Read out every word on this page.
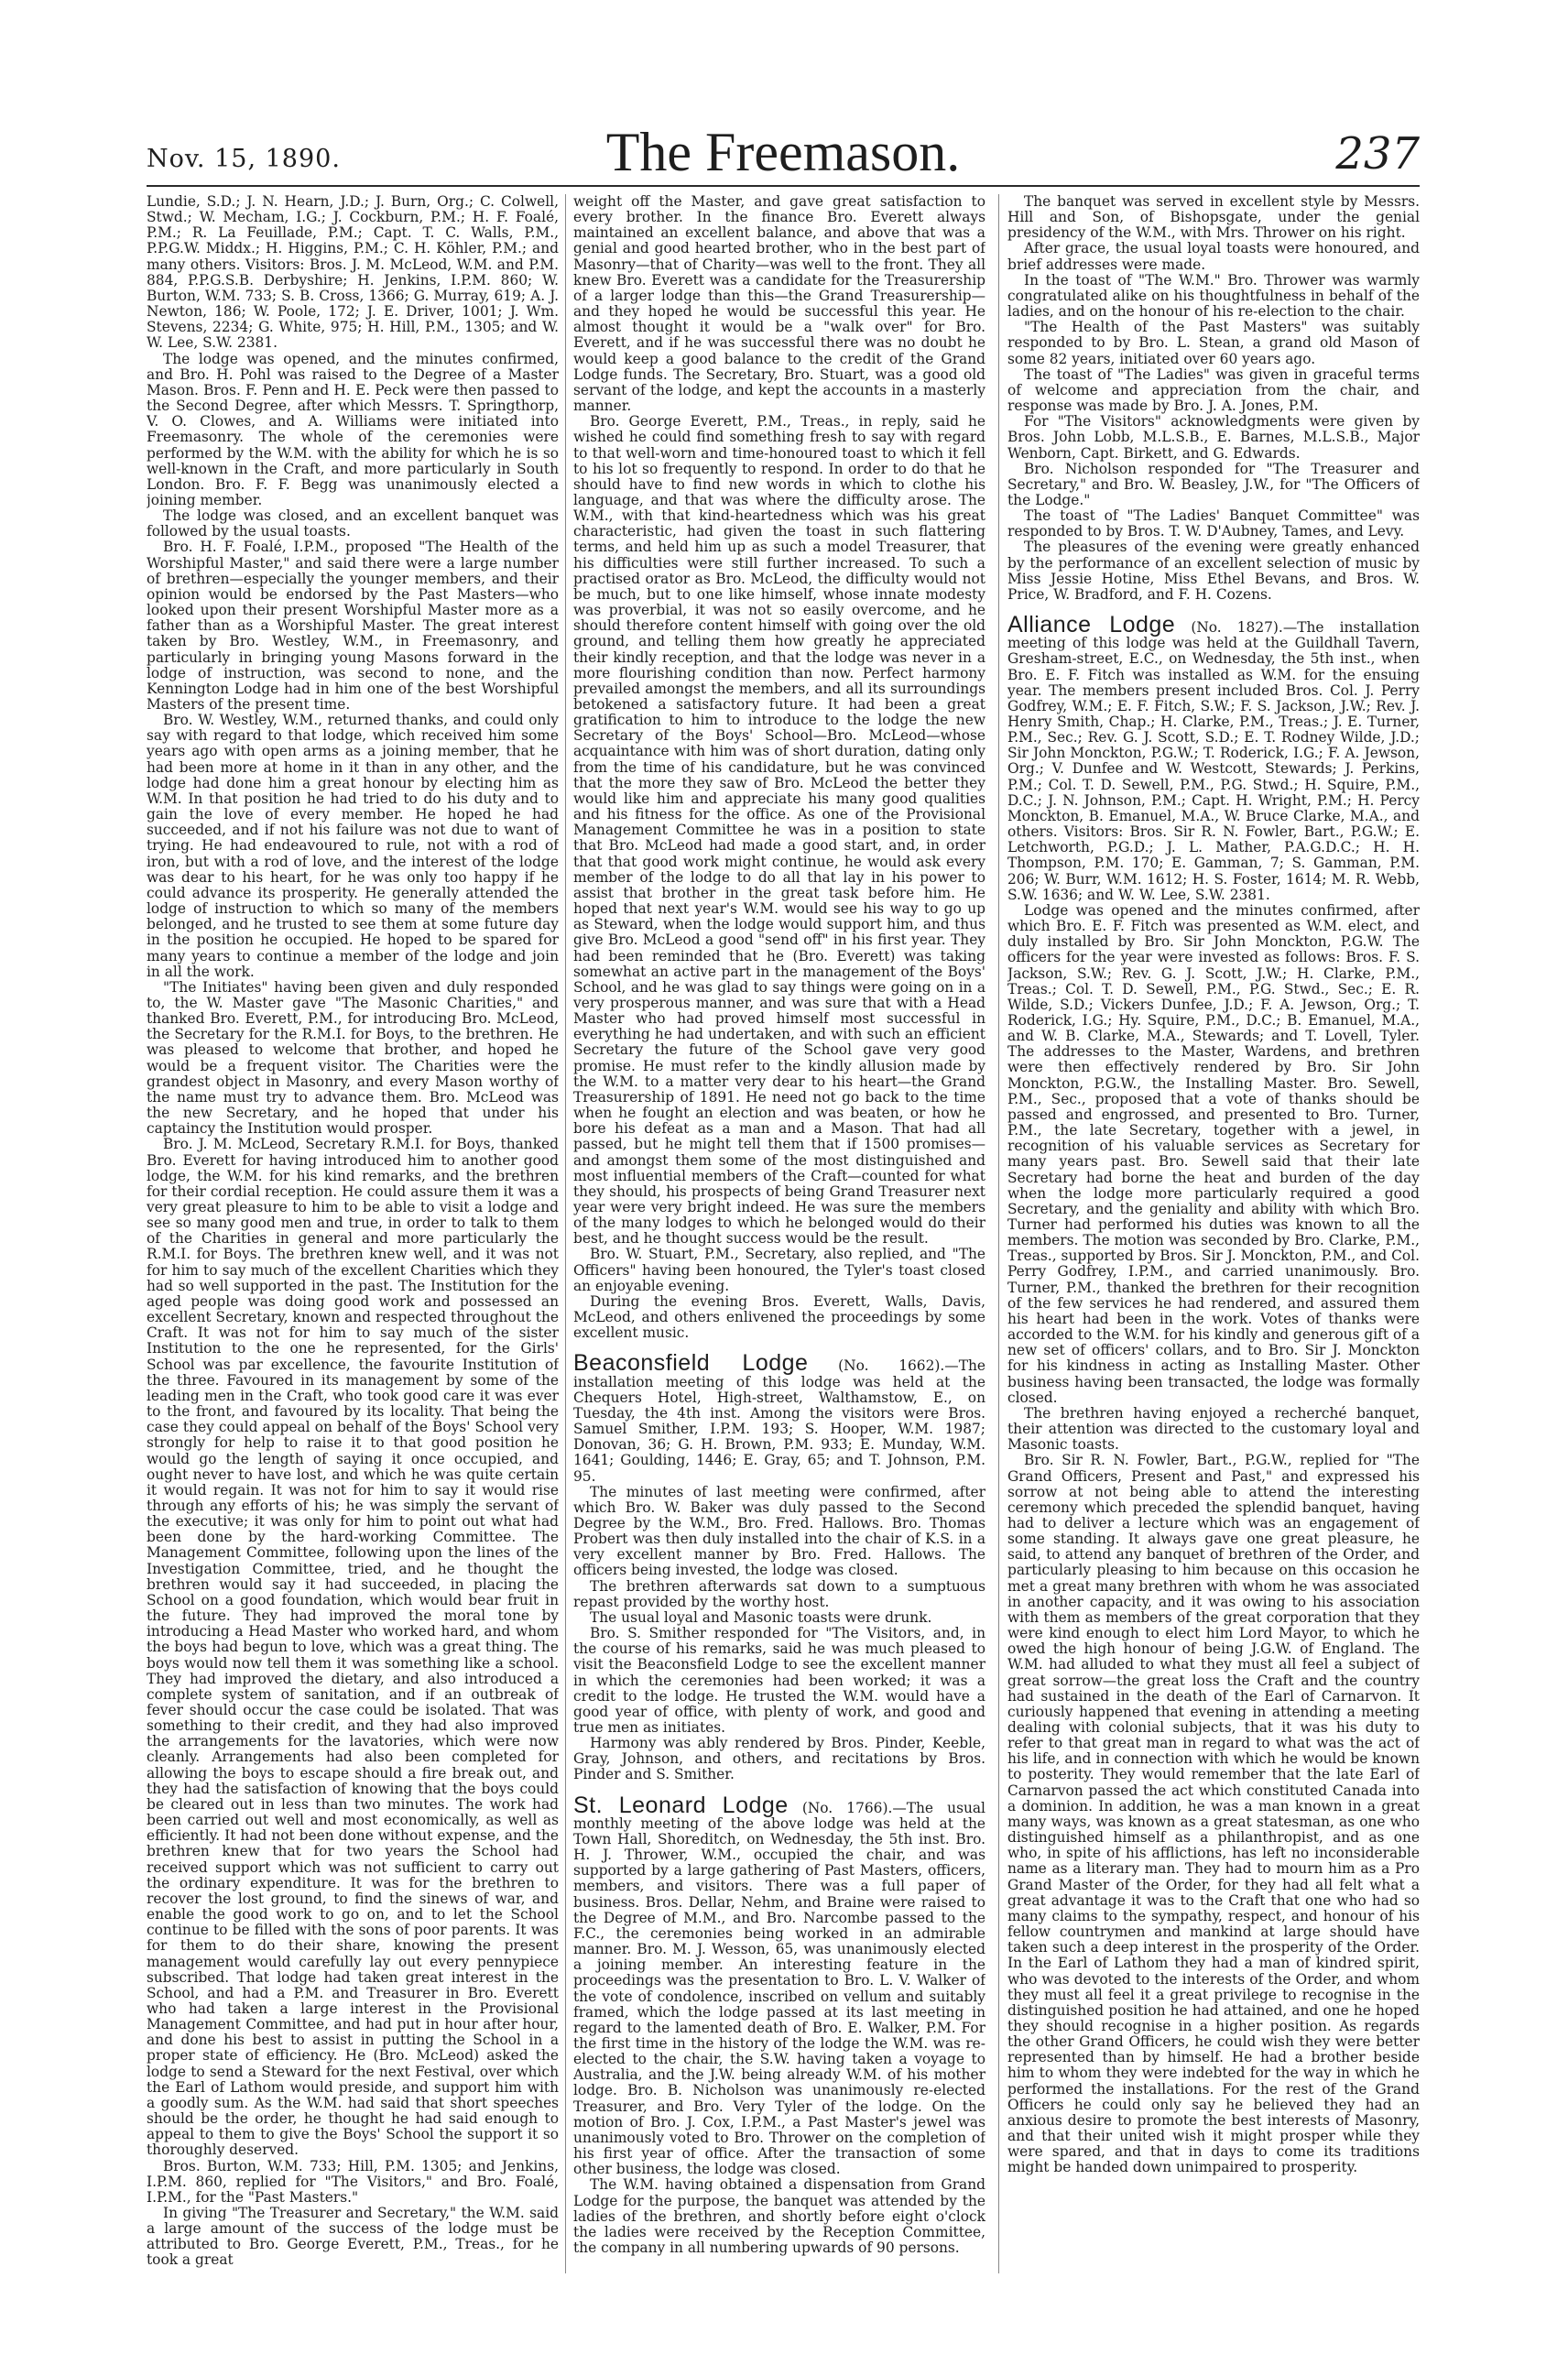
Nov. 15, 1890.	The Freemason.	237

Lundie, S.D.; J. N. Hearn, J.D.; J. Burn, Org.; C. Colwell, Stwd.; W. Mecham, I.G.; J. Cockburn, P.M.; H. F. Foalé, P.M.; R. La Feuillade, P.M.; Capt. T. C. Walls, P.M., P.P.G.W. Middx.; H. Higgins, P.M.; C. H. Köhler, P.M.; and many others. Visitors: Bros. J. M. McLeod, W.M. and P.M. 884, P.P.G.S.B. Derbyshire; H. Jenkins, I.P.M. 860; W. Burton, W.M. 733; S. B. Cross, 1366; G. Murray, 619; A. J. Newton, 186; W. Poole, 172; J. E. Driver, 1001; J. Wm. Stevens, 2234; G. White, 975; H. Hill, P.M., 1305; and W. W. Lee, S.W. 2381.

The lodge was opened, and the minutes confirmed, and Bro. H. Pohl was raised to the Degree of a Master Mason. Bros. F. Penn and H. E. Peck were then passed to the Second Degree, after which Messrs. T. Springthorp, V. O. Clowes, and A. Williams were initiated into Freemasonry. The whole of the ceremonies were performed by the W.M. with the ability for which he is so well-known in the Craft, and more particularly in South London. Bro. F. F. Begg was unanimously elected a joining member.

The lodge was closed, and an excellent banquet was followed by the usual toasts.

Bro. H. F. Foalé, I.P.M., proposed "The Health of the Worshipful Master," and said there were a large number of brethren—especially the younger members, and their opinion would be endorsed by the Past Masters—who looked upon their present Worshipful Master more as a father than as a Worshipful Master. The great interest taken by Bro. Westley, W.M., in Freemasonry, and particularly in bringing young Masons forward in the lodge of instruction, was second to none, and the Kennington Lodge had in him one of the best Worshipful Masters of the present time.

Bro. W. Westley, W.M., returned thanks, and could only say with regard to that lodge, which received him some years ago with open arms as a joining member, that he had been more at home in it than in any other, and the lodge had done him a great honour by electing him as W.M. In that position he had tried to do his duty and to gain the love of every member. He hoped he had succeeded, and if not his failure was not due to want of trying. He had endeavoured to rule, not with a rod of iron, but with a rod of love, and the interest of the lodge was dear to his heart, for he was only too happy if he could advance its prosperity. He generally attended the lodge of instruction to which so many of the members belonged, and he trusted to see them at some future day in the position he occupied. He hoped to be spared for many years to continue a member of the lodge and join in all the work.

"The Initiates" having been given and duly responded to, the W. Master gave "The Masonic Charities," and thanked Bro. Everett, P.M., for introducing Bro. McLeod, the Secretary for the R.M.I. for Boys, to the brethren. He was pleased to welcome that brother, and hoped he would be a frequent visitor. The Charities were the grandest object in Masonry, and every Mason worthy of the name must try to advance them. Bro. McLeod was the new Secretary, and he hoped that under his captaincy the Institution would prosper.

Bro. J. M. McLeod, Secretary R.M.I. for Boys, thanked Bro. Everett for having introduced him to another good lodge, the W.M. for his kind remarks, and the brethren for their cordial reception. He could assure them it was a very great pleasure to him to be able to visit a lodge and see so many good men and true, in order to talk to them of the Charities in general and more particularly the R.M.I. for Boys. The brethren knew well, and it was not for him to say much of the excellent Charities which they had so well supported in the past. The Institution for the aged people was doing good work and possessed an excellent Secretary, known and respected throughout the Craft. It was not for him to say much of the sister Institution to the one he represented, for the Girls' School was par excellence, the favourite Institution of the three. Favoured in its management by some of the leading men in the Craft, who took good care it was ever to the front, and favoured by its locality. That being the case they could appeal on behalf of the Boys' School very strongly for help to raise it to that good position he would go the length of saying it once occupied, and ought never to have lost, and which he was quite certain it would regain. It was not for him to say it would rise through any efforts of his; he was simply the servant of the executive; it was only for him to point out what had been done by the hard-working Committee. The Management Committee, following upon the lines of the Investigation Committee, tried, and he thought the brethren would say it had succeeded, in placing the School on a good foundation, which would bear fruit in the future. They had improved the moral tone by introducing a Head Master who worked hard, and whom the boys had begun to love, which was a great thing. The boys would now tell them it was something like a school. They had improved the dietary, and also introduced a complete system of sanitation, and if an outbreak of fever should occur the case could be isolated. That was something to their credit, and they had also improved the arrangements for the lavatories, which were now cleanly. Arrangements had also been completed for allowing the boys to escape should a fire break out, and they had the satisfaction of knowing that the boys could be cleared out in less than two minutes. The work had been carried out well and most economically, as well as efficiently. It had not been done without expense, and the brethren knew that for two years the School had received support which was not sufficient to carry out the ordinary expenditure. It was for the brethren to recover the lost ground, to find the sinews of war, and enable the good work to go on, and to let the School continue to be filled with the sons of poor parents. It was for them to do their share, knowing the present management would carefully lay out every pennypiece subscribed. That lodge had taken great interest in the School, and had a P.M. and Treasurer in Bro. Everett who had taken a large interest in the Provisional Management Committee, and had put in hour after hour, and done his best to assist in putting the School in a proper state of efficiency. He (Bro. McLeod) asked the lodge to send a Steward for the next Festival, over which the Earl of Lathom would preside, and support him with a goodly sum. As the W.M. had said that short speeches should be the order, he thought he had said enough to appeal to them to give the Boys' School the support it so thoroughly deserved.

Bros. Burton, W.M. 733; Hill, P.M. 1305; and Jenkins, I.P.M. 860, replied for "The Visitors," and Bro. Foalé, I.P.M., for the "Past Masters."

In giving "The Treasurer and Secretary," the W.M. said a large amount of the success of the lodge must be attributed to Bro. George Everett, P.M., Treas., for he took a great

weight off the Master, and gave great satisfaction to every brother. In the finance Bro. Everett always maintained an excellent balance, and above that was a genial and good hearted brother, who in the best part of Masonry—that of Charity—was well to the front. They all knew Bro. Everett was a candidate for the Treasurership of a larger lodge than this—the Grand Treasurership—and they hoped he would be successful this year. He almost thought it would be a "walk over" for Bro. Everett, and if he was successful there was no doubt he would keep a good balance to the credit of the Grand Lodge funds. The Secretary, Bro. Stuart, was a good old servant of the lodge, and kept the accounts in a masterly manner.

Bro. George Everett, P.M., Treas., in reply, said he wished he could find something fresh to say with regard to that well-worn and time-honoured toast to which it fell to his lot so frequently to respond. In order to do that he should have to find new words in which to clothe his language, and that was where the difficulty arose. The W.M., with that kind-heartedness which was his great characteristic, had given the toast in such flattering terms, and held him up as such a model Treasurer, that his difficulties were still further increased. To such a practised orator as Bro. McLeod, the difficulty would not be much, but to one like himself, whose innate modesty was proverbial, it was not so easily overcome, and he should therefore content himself with going over the old ground, and telling them how greatly he appreciated their kindly reception, and that the lodge was never in a more flourishing condition than now. Perfect harmony prevailed amongst the members, and all its surroundings betokened a satisfactory future. It had been a great gratification to him to introduce to the lodge the new Secretary of the Boys' School—Bro. McLeod—whose acquaintance with him was of short duration, dating only from the time of his candidature, but he was convinced that the more they saw of Bro. McLeod the better they would like him and appreciate his many good qualities and his fitness for the office. As one of the Provisional Management Committee he was in a position to state that Bro. McLeod had made a good start, and, in order that that good work might continue, he would ask every member of the lodge to do all that lay in his power to assist that brother in the great task before him. He hoped that next year's W.M. would see his way to go up as Steward, when the lodge would support him, and thus give Bro. McLeod a good "send off" in his first year. They had been reminded that he (Bro. Everett) was taking somewhat an active part in the management of the Boys' School, and he was glad to say things were going on in a very prosperous manner, and was sure that with a Head Master who had proved himself most successful in everything he had undertaken, and with such an efficient Secretary the future of the School gave very good promise. He must refer to the kindly allusion made by the W.M. to a matter very dear to his heart—the Grand Treasurership of 1891. He need not go back to the time when he fought an election and was beaten, or how he bore his defeat as a man and a Mason. That had all passed, but he might tell them that if 1500 promises—and amongst them some of the most distinguished and most influential members of the Craft—counted for what they should, his prospects of being Grand Treasurer next year were very bright indeed. He was sure the members of the many lodges to which he belonged would do their best, and he thought success would be the result.

Bro. W. Stuart, P.M., Secretary, also replied, and "The Officers" having been honoured, the Tyler's toast closed an enjoyable evening.

During the evening Bros. Everett, Walls, Davis, McLeod, and others enlivened the proceedings by some excellent music.

Beaconsfield Lodge (No. 1662).—The installation meeting of this lodge was held at the Chequers Hotel, High-street, Walthamstow, E., on Tuesday, the 4th inst. Among the visitors were Bros. Samuel Smither, I.P.M. 193; S. Hooper, W.M. 1987; Donovan, 36; G. H. Brown, P.M. 933; E. Munday, W.M. 1641; Goulding, 1446; E. Gray, 65; and T. Johnson, P.M. 95.

The minutes of last meeting were confirmed, after which Bro. W. Baker was duly passed to the Second Degree by the W.M., Bro. Fred. Hallows. Bro. Thomas Probert was then duly installed into the chair of K.S. in a very excellent manner by Bro. Fred. Hallows. The officers being invested, the lodge was closed.

The brethren afterwards sat down to a sumptuous repast provided by the worthy host.

The usual loyal and Masonic toasts were drunk.

Bro. S. Smither responded for "The Visitors, and, in the course of his remarks, said he was much pleased to visit the Beaconsfield Lodge to see the excellent manner in which the ceremonies had been worked; it was a credit to the lodge. He trusted the W.M. would have a good year of office, with plenty of work, and good and true men as initiates.

Harmony was ably rendered by Bros. Pinder, Keeble, Gray, Johnson, and others, and recitations by Bros. Pinder and S. Smither.

St. Leonard Lodge (No. 1766).—The usual monthly meeting of the above lodge was held at the Town Hall, Shoreditch, on Wednesday, the 5th inst. Bro. H. J. Thrower, W.M., occupied the chair, and was supported by a large gathering of Past Masters, officers, members, and visitors. There was a full paper of business. Bros. Dellar, Nehm, and Braine were raised to the Degree of M.M., and Bro. Narcombe passed to the F.C., the ceremonies being worked in an admirable manner. Bro. M. J. Wesson, 65, was unanimously elected a joining member. An interesting feature in the proceedings was the presentation to Bro. L. V. Walker of the vote of condolence, inscribed on vellum and suitably framed, which the lodge passed at its last meeting in regard to the lamented death of Bro. E. Walker, P.M. For the first time in the history of the lodge the W.M. was re-elected to the chair, the S.W. having taken a voyage to Australia, and the J.W. being already W.M. of his mother lodge. Bro. B. Nicholson was unanimously re-elected Treasurer, and Bro. Very Tyler of the lodge. On the motion of Bro. J. Cox, I.P.M., a Past Master's jewel was unanimously voted to Bro. Thrower on the completion of his first year of office. After the transaction of some other business, the lodge was closed.

The W.M. having obtained a dispensation from Grand Lodge for the purpose, the banquet was attended by the ladies of the brethren, and shortly before eight o'clock the ladies were received by the Reception Committee, the company in all numbering upwards of 90 persons.

The banquet was served in excellent style by Messrs. Hill and Son, of Bishopsgate, under the genial presidency of the W.M., with Mrs. Thrower on his right.

After grace, the usual loyal toasts were honoured, and brief addresses were made.

In the toast of "The W.M." Bro. Thrower was warmly congratulated alike on his thoughtfulness in behalf of the ladies, and on the honour of his re-election to the chair.

"The Health of the Past Masters" was suitably responded to by Bro. L. Stean, a grand old Mason of some 82 years, initiated over 60 years ago.

The toast of "The Ladies" was given in graceful terms of welcome and appreciation from the chair, and response was made by Bro. J. A. Jones, P.M.

For "The Visitors" acknowledgments were given by Bros. John Lobb, M.L.S.B., E. Barnes, M.L.S.B., Major Wenborn, Capt. Birkett, and G. Edwards.

Bro. Nicholson responded for "The Treasurer and Secretary," and Bro. W. Beasley, J.W., for "The Officers of the Lodge."

The toast of "The Ladies' Banquet Committee" was responded to by Bros. T. W. D'Aubney, Tames, and Levy.

The pleasures of the evening were greatly enhanced by the performance of an excellent selection of music by Miss Jessie Hotine, Miss Ethel Bevans, and Bros. W. Price, W. Bradford, and F. H. Cozens.

Alliance Lodge (No. 1827).—The installation meeting of this lodge was held at the Guildhall Tavern, Gresham-street, E.C., on Wednesday, the 5th inst., when Bro. E. F. Fitch was installed as W.M. for the ensuing year. The members present included Bros. Col. J. Perry Godfrey, W.M.; E. F. Fitch, S.W.; F. S. Jackson, J.W.; Rev. J. Henry Smith, Chap.; H. Clarke, P.M., Treas.; J. E. Turner, P.M., Sec.; Rev. G. J. Scott, S.D.; E. T. Rodney Wilde, J.D.; Sir John Monckton, P.G.W.; T. Roderick, I.G.; F. A. Jewson, Org.; V. Dunfee and W. Westcott, Stewards; J. Perkins, P.M.; Col. T. D. Sewell, P.M., P.G. Stwd.; H. Squire, P.M., D.C.; J. N. Johnson, P.M.; Capt. H. Wright, P.M.; H. Percy Monckton, B. Emanuel, M.A., W. Bruce Clarke, M.A., and others. Visitors: Bros. Sir R. N. Fowler, Bart., P.G.W.; E. Letchworth, P.G.D.; J. L. Mather, P.A.G.D.C.; H. H. Thompson, P.M. 170; E. Gamman, 7; S. Gamman, P.M. 206; W. Burr, W.M. 1612; H. S. Foster, 1614; M. R. Webb, S.W. 1636; and W. W. Lee, S.W. 2381.

Lodge was opened and the minutes confirmed, after which Bro. E. F. Fitch was presented as W.M. elect, and duly installed by Bro. Sir John Monckton, P.G.W. The officers for the year were invested as follows: Bros. F. S. Jackson, S.W.; Rev. G. J. Scott, J.W.; H. Clarke, P.M., Treas.; Col. T. D. Sewell, P.M., P.G. Stwd., Sec.; E. R. Wilde, S.D.; Vickers Dunfee, J.D.; F. A. Jewson, Org.; T. Roderick, I.G.; Hy. Squire, P.M., D.C.; B. Emanuel, M.A., and W. B. Clarke, M.A., Stewards; and T. Lovell, Tyler. The addresses to the Master, Wardens, and brethren were then effectively rendered by Bro. Sir John Monckton, P.G.W., the Installing Master. Bro. Sewell, P.M., Sec., proposed that a vote of thanks should be passed and engrossed, and presented to Bro. Turner, P.M., the late Secretary, together with a jewel, in recognition of his valuable services as Secretary for many years past. Bro. Sewell said that their late Secretary had borne the heat and burden of the day when the lodge more particularly required a good Secretary, and the geniality and ability with which Bro. Turner had performed his duties was known to all the members. The motion was seconded by Bro. Clarke, P.M., Treas., supported by Bros. Sir J. Monckton, P.M., and Col. Perry Godfrey, I.P.M., and carried unanimously. Bro. Turner, P.M., thanked the brethren for their recognition of the few services he had rendered, and assured them his heart had been in the work. Votes of thanks were accorded to the W.M. for his kindly and generous gift of a new set of officers' collars, and to Bro. Sir J. Monckton for his kindness in acting as Installing Master. Other business having been transacted, the lodge was formally closed.

The brethren having enjoyed a recherché banquet, their attention was directed to the customary loyal and Masonic toasts.

Bro. Sir R. N. Fowler, Bart., P.G.W., replied for "The Grand Officers, Present and Past," and expressed his sorrow at not being able to attend the interesting ceremony which preceded the splendid banquet, having had to deliver a lecture which was an engagement of some standing. It always gave one great pleasure, he said, to attend any banquet of brethren of the Order, and particularly pleasing to him because on this occasion he met a great many brethren with whom he was associated in another capacity, and it was owing to his association with them as members of the great corporation that they were kind enough to elect him Lord Mayor, to which he owed the high honour of being J.G.W. of England. The W.M. had alluded to what they must all feel a subject of great sorrow—the great loss the Craft and the country had sustained in the death of the Earl of Carnarvon. It curiously happened that evening in attending a meeting dealing with colonial subjects, that it was his duty to refer to that great man in regard to what was the act of his life, and in connection with which he would be known to posterity. They would remember that the late Earl of Carnarvon passed the act which constituted Canada into a dominion. In addition, he was a man known in a great many ways, was known as a great statesman, as one who distinguished himself as a philanthropist, and as one who, in spite of his afflictions, has left no inconsiderable name as a literary man. They had to mourn him as a Pro Grand Master of the Order, for they had all felt what a great advantage it was to the Craft that one who had so many claims to the sympathy, respect, and honour of his fellow countrymen and mankind at large should have taken such a deep interest in the prosperity of the Order. In the Earl of Lathom they had a man of kindred spirit, who was devoted to the interests of the Order, and whom they must all feel it a great privilege to recognise in the distinguished position he had attained, and one he hoped they should recognise in a higher position. As regards the other Grand Officers, he could wish they were better represented than by himself. He had a brother beside him to whom they were indebted for the way in which he performed the installations. For the rest of the Grand Officers he could only say he believed they had an anxious desire to promote the best interests of Masonry, and that their united wish it might prosper while they were spared, and that in days to come its traditions might be handed down unimpaired to prosperity.
